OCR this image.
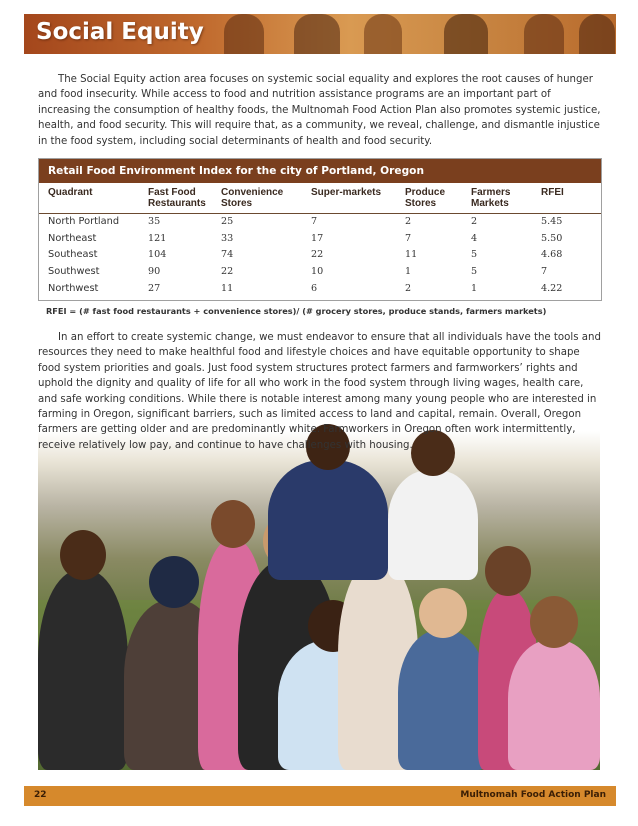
Social Equity

The Social Equity action area focuses on systemic social equality and explores the root causes of hunger and food insecurity. While access to food and nutrition assistance programs are an important part of increasing the consumption of healthy foods, the Multnomah Food Action Plan also promotes systemic justice, health, and food security. This will require that, as a community, we reveal, challenge, and dismantle injustice in the food system, including social determinants of health and food security.

Retail Food Environment Index for the city of Portland, Oregon
Quadrant	Fast Food Restaurants	Convenience Stores	Super-markets	Produce Stores	Farmers Markets	RFEI
North Portland	35	25	7	2	2	5.45
Northeast	121	33	17	7	4	5.50
Southeast	104	74	22	11	5	4.68
Southwest	90	22	10	1	5	7
Northwest	27	11	6	2	1	4.22
RFEI = (# fast food restaurants + convenience stores)/ (# grocery stores, produce stands, farmers markets)

In an effort to create systemic change, we must endeavor to ensure that all individuals have the tools and resources they need to make healthful food and lifestyle choices and have equitable opportunity to shape food system priorities and goals. Just food system structures protect farmers and farmworkers’ rights and uphold the dignity and quality of life for all who work in the food system through living wages, health care, and safe working conditions. While there is notable interest among many young people who are interested in farming in Oregon, significant barriers, such as limited access to land and capital, remain. Overall, Oregon farmers are getting older and are predominantly white. Farmworkers in Oregon often work intermittently, receive relatively low pay, and continue to have challenges with housing.

22	Multnomah Food Action Plan
